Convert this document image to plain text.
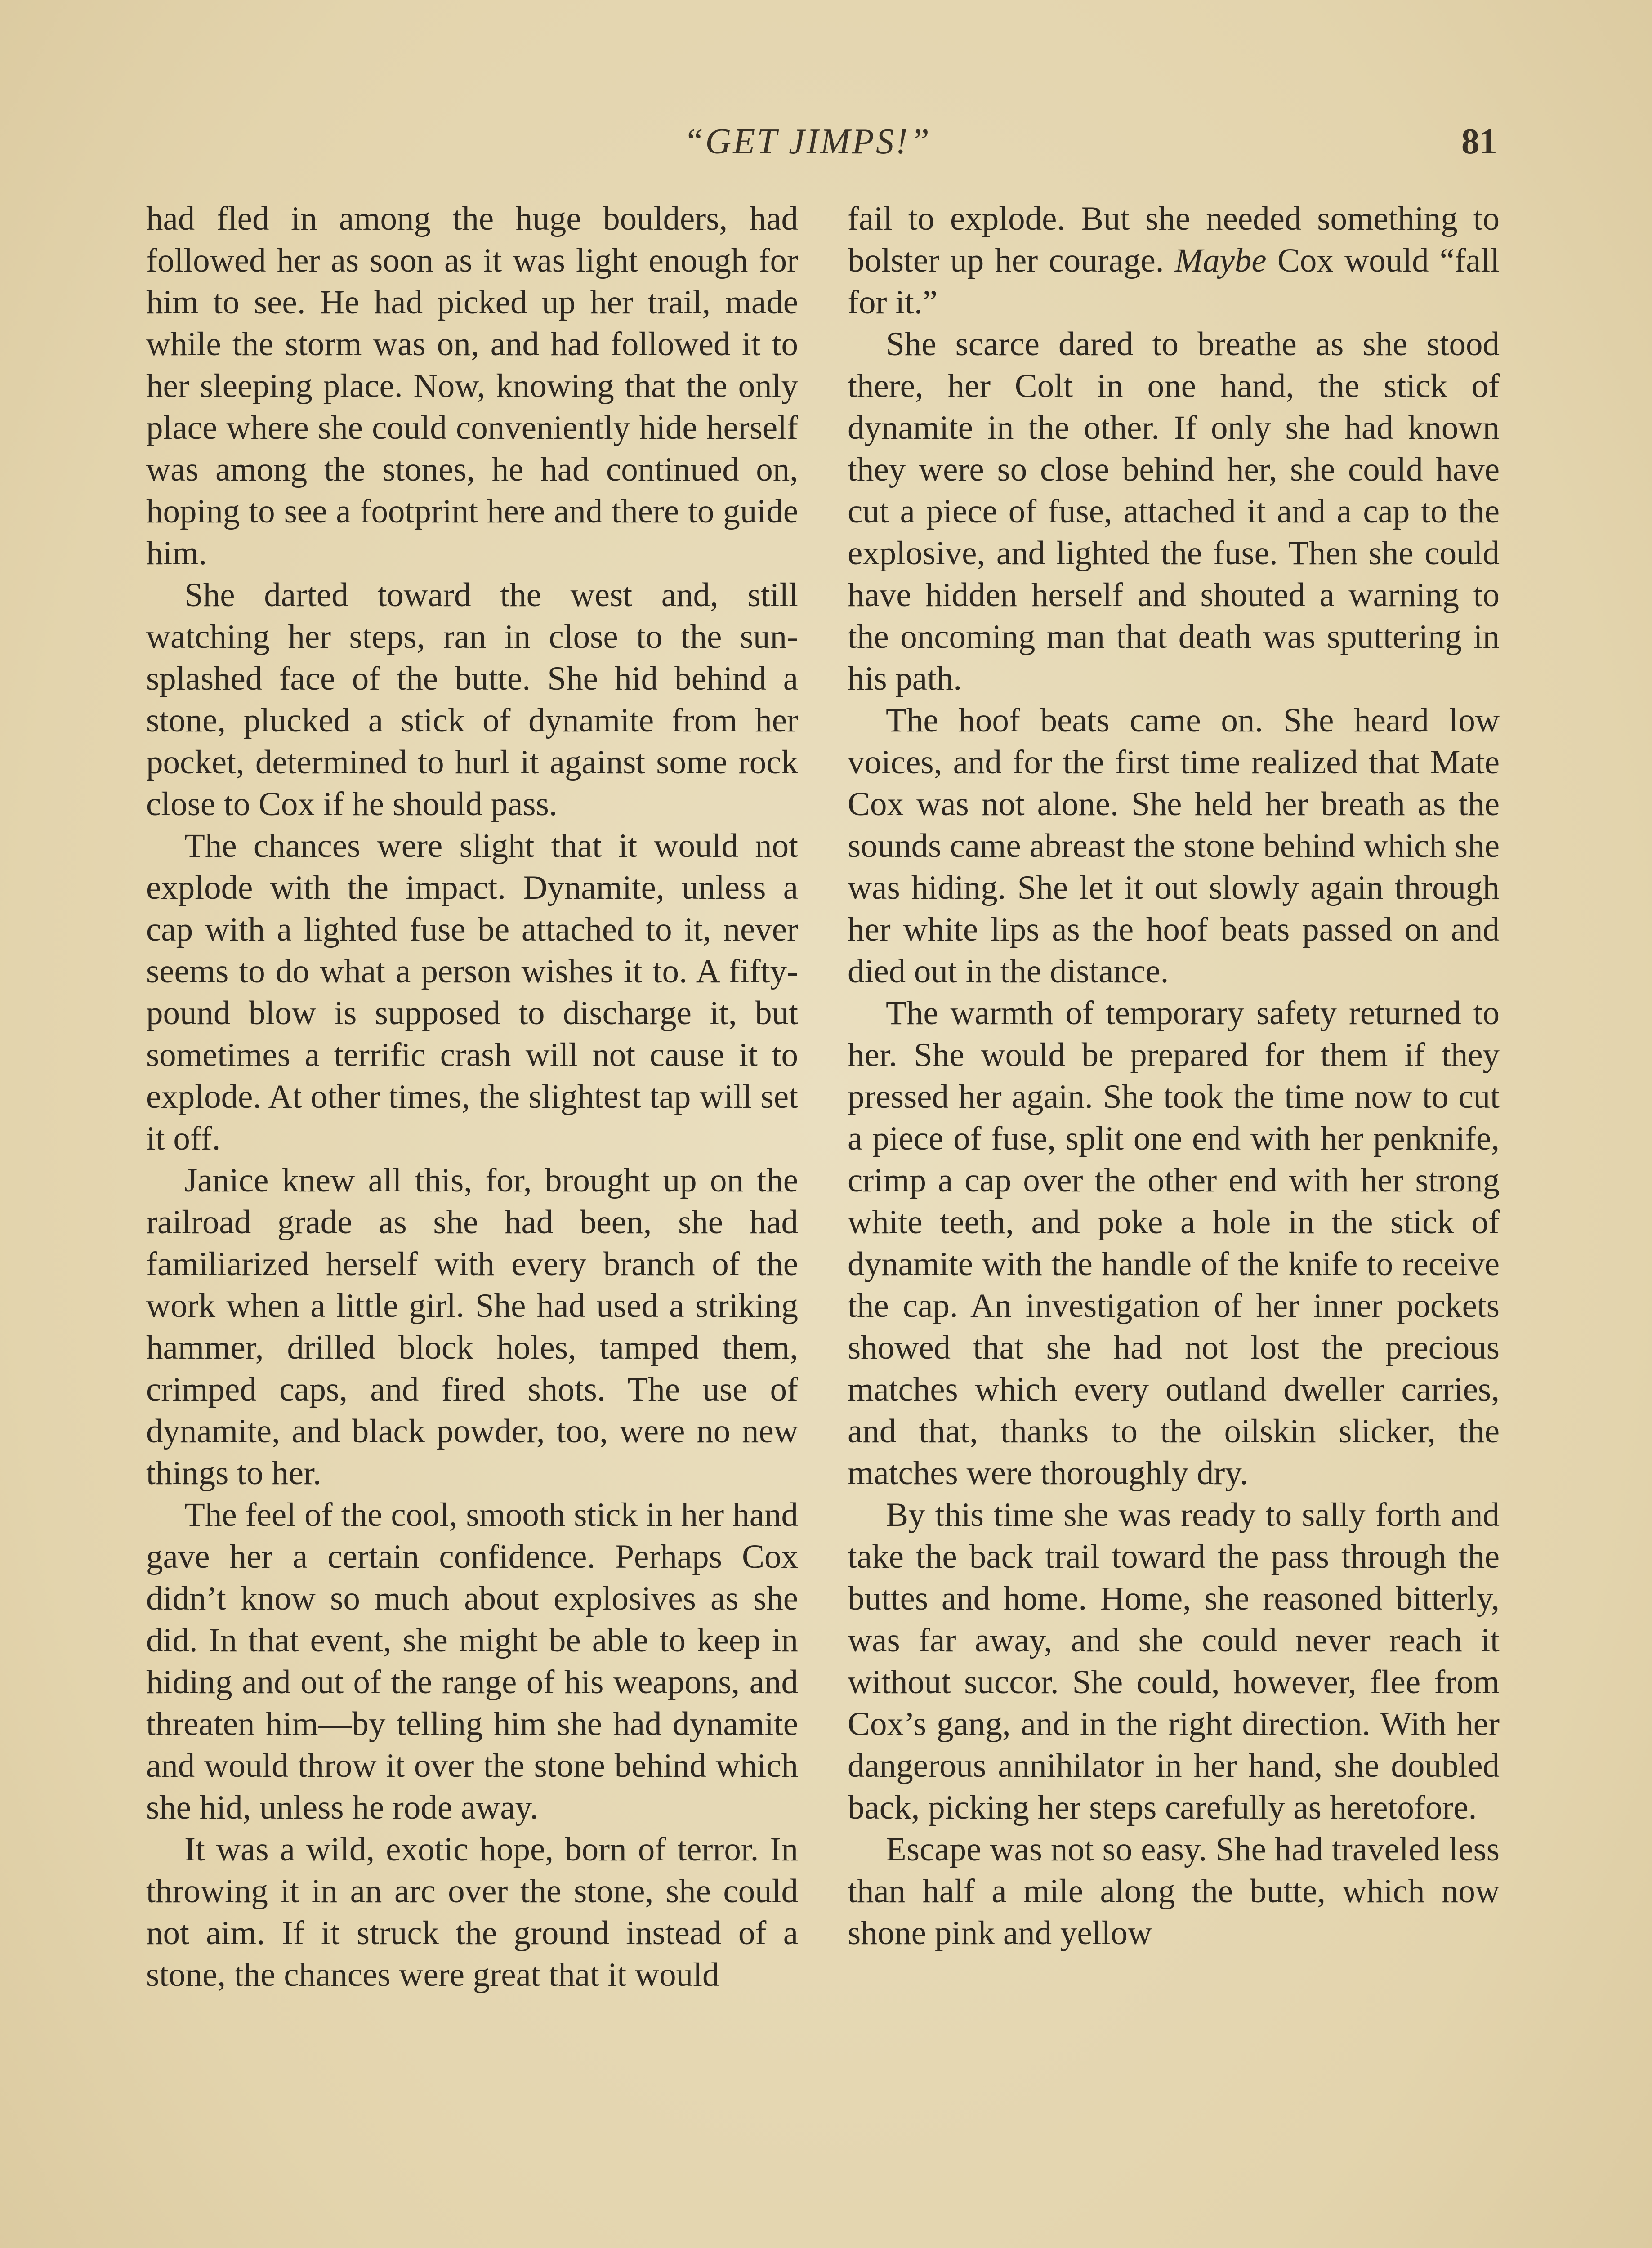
“GET JIMPS!”	81

had fled in among the huge boulders, had followed her as soon as it was light enough for him to see. He had picked up her trail, made while the storm was on, and had followed it to her sleeping place. Now, knowing that the only place where she could conveniently hide herself was among the stones, he had continued on, hoping to see a footprint here and there to guide him.

She darted toward the west and, still watching her steps, ran in close to the sun-splashed face of the butte. She hid behind a stone, plucked a stick of dynamite from her pocket, determined to hurl it against some rock close to Cox if he should pass.

The chances were slight that it would not explode with the impact. Dynamite, unless a cap with a lighted fuse be attached to it, never seems to do what a person wishes it to. A fifty-pound blow is supposed to discharge it, but sometimes a terrific crash will not cause it to explode. At other times, the slightest tap will set it off.

Janice knew all this, for, brought up on the railroad grade as she had been, she had familiarized herself with every branch of the work when a little girl. She had used a striking hammer, drilled block holes, tamped them, crimped caps, and fired shots. The use of dynamite, and black powder, too, were no new things to her.

The feel of the cool, smooth stick in her hand gave her a certain confidence. Perhaps Cox didn’t know so much about explosives as she did. In that event, she might be able to keep in hiding and out of the range of his weapons, and threaten him—by telling him she had dynamite and would throw it over the stone behind which she hid, unless he rode away.

It was a wild, exotic hope, born of terror. In throwing it in an arc over the stone, she could not aim. If it struck the ground instead of a stone, the chances were great that it would

fail to explode. But she needed something to bolster up her courage. Maybe Cox would “fall for it.”

She scarce dared to breathe as she stood there, her Colt in one hand, the stick of dynamite in the other. If only she had known they were so close behind her, she could have cut a piece of fuse, attached it and a cap to the explosive, and lighted the fuse. Then she could have hidden herself and shouted a warning to the oncoming man that death was sputtering in his path.

The hoof beats came on. She heard low voices, and for the first time realized that Mate Cox was not alone. She held her breath as the sounds came abreast the stone behind which she was hiding. She let it out slowly again through her white lips as the hoof beats passed on and died out in the distance.

The warmth of temporary safety returned to her. She would be prepared for them if they pressed her again. She took the time now to cut a piece of fuse, split one end with her penknife, crimp a cap over the other end with her strong white teeth, and poke a hole in the stick of dynamite with the handle of the knife to receive the cap. An investigation of her inner pockets showed that she had not lost the precious matches which every outland dweller carries, and that, thanks to the oilskin slicker, the matches were thoroughly dry.

By this time she was ready to sally forth and take the back trail toward the pass through the buttes and home. Home, she reasoned bitterly, was far away, and she could never reach it without succor. She could, however, flee from Cox’s gang, and in the right direction. With her dangerous annihilator in her hand, she doubled back, picking her steps carefully as heretofore.

Escape was not so easy. She had traveled less than half a mile along the butte, which now shone pink and yellow
